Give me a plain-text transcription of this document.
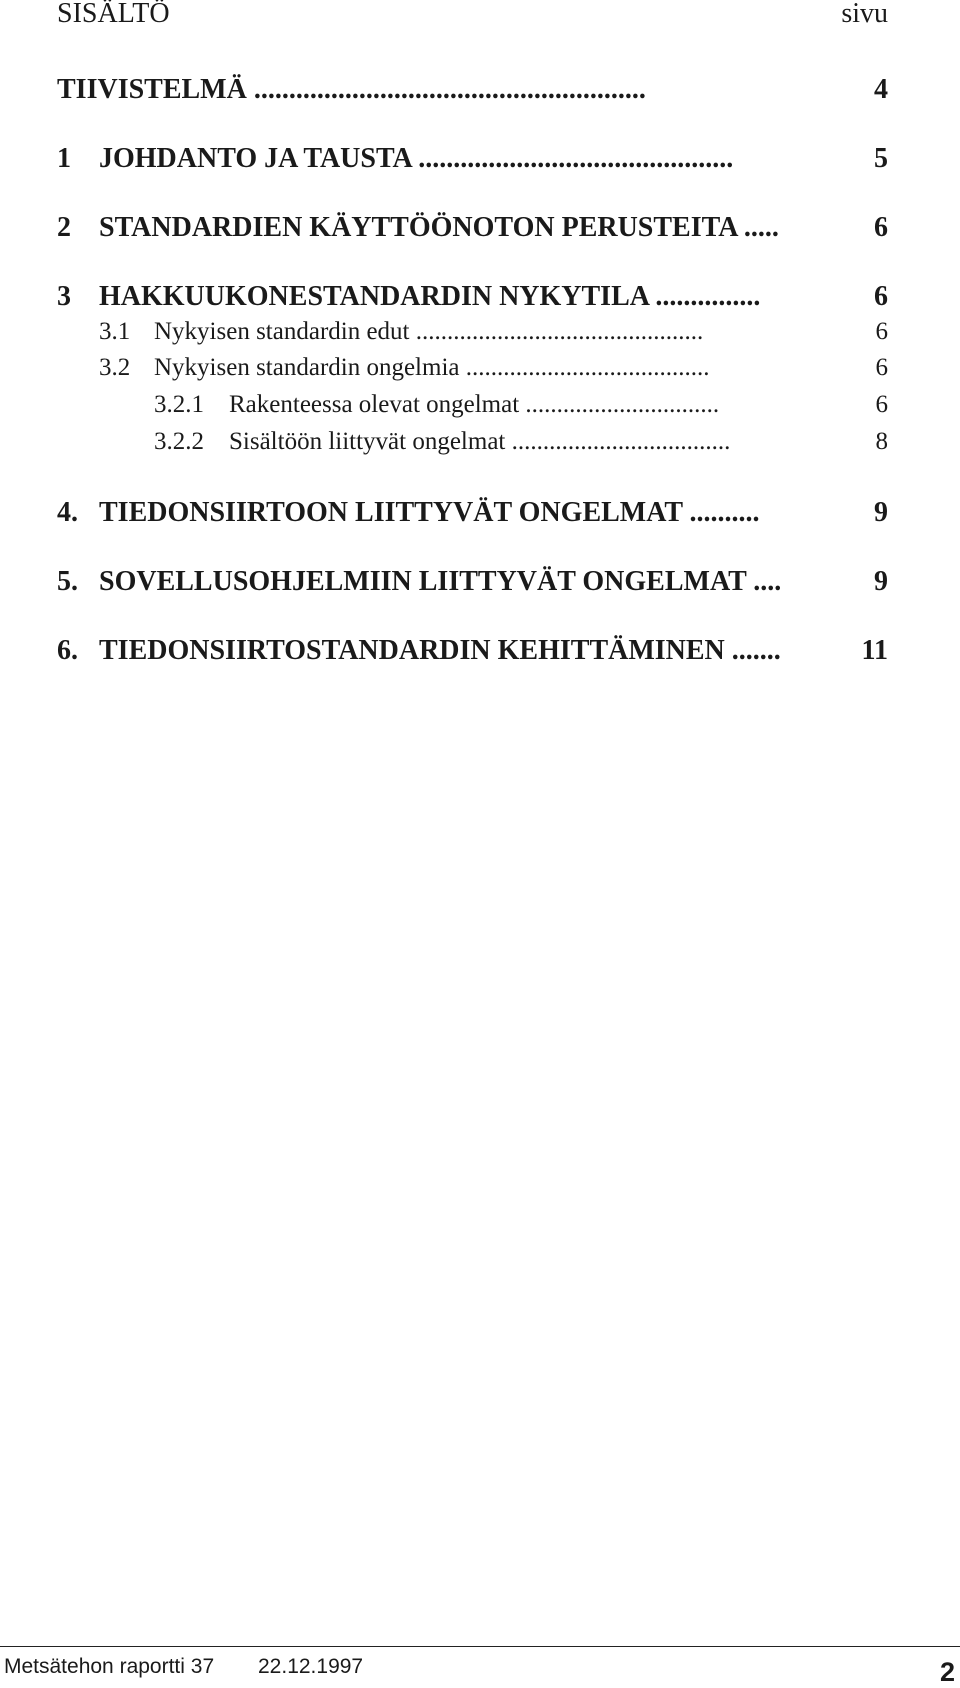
SISÄLTÖ	sivu
TIIVISTELMÄ ........................................................	4
1 JOHDANTO JA TAUSTA .............................................	5
2 STANDARDIEN KÄYTTÖÖNOTON PERUSTEITA .....	6
3 HAKKUUKONESTANDARDIN NYKYTILA ...............	6
3.1 Nykyisen standardin edut ..............................................	6
3.2 Nykyisen standardin ongelmia .......................................	6
3.2.1 Rakenteessa olevat ongelmat ...............................	6
3.2.2 Sisältöön liittyvät ongelmat ...................................	8
4. TIEDONSIIRTOON LIITTYVÄT ONGELMAT ..........	9
5. SOVELLUSOHJELMIIN LIITTYVÄT ONGELMAT ....	9
6. TIEDONSIIRTOSTANDARDIN KEHITTÄMINEN .......	11
Metsätehon raportti 37 22.12.1997	2
